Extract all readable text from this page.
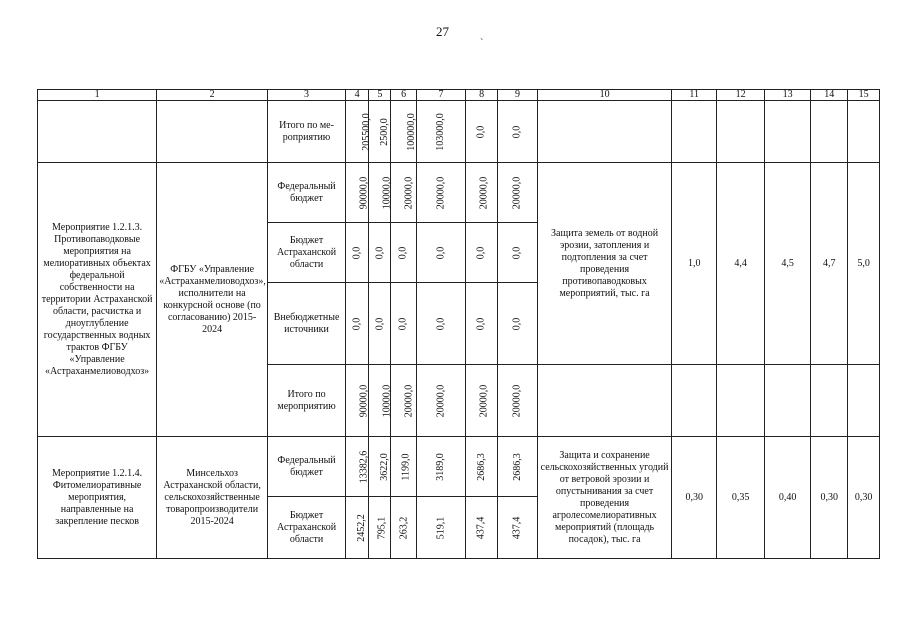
27
`
1	2	3	4	5	6	7	8	9	10	11	12	13	14	15
		Итого по ме-роприятию	205500,0	2500,0	100000,0	103000,0	0,0	0,0						
Мероприятие 1.2.1.3. Противопаводковые мероприятия на мелиоративных объектах федеральной собственности на территории Астраханской области, расчистка и дноуглубление государственных водных трактов ФГБУ «Управление «Астраханмелиоводхоз»	ФГБУ «Управление «Астраханмелиоводхоз», исполнители на конкурсной основе (по согласованию) 2015-2024	Федеральный бюджет	90000,0	10000,0	20000,0	20000,0	20000,0	20000,0	Защита земель от водной эрозии, затопления и подтопления за счет проведения противопаводковых мероприятий, тыс. га	1,0	4,4	4,5	4,7	5,0
		Бюджет Астраханской области	0,0	0,0	0,0	0,0	0,0	0,0						
		Внебюджетные источники	0,0	0,0	0,0	0,0	0,0	0,0						
		Итого по мероприятию	90000,0	10000,0	20000,0	20000,0	20000,0	20000,0						
Мероприятие 1.2.1.4. Фитомелиоративные мероприятия, направленные на закрепление песков	Минсельхоз Астраханской области, сельскохозяйственные товаропроизводители 2015-2024	Федеральный бюджет	13382,6	3622,0	1199,0	3189,0	2686,3	2686,3	Защита и сохранение сельскохозяйственных угодий от ветровой эрозии и опустынивания за счет проведения агролесомелиоративных мероприятий (площадь посадок), тыс. га	0,30	0,35	0,40	0,30	0,30
		Бюджет Астраханской области	2452,2	795,1	263,2	519,1	437,4	437,4						
